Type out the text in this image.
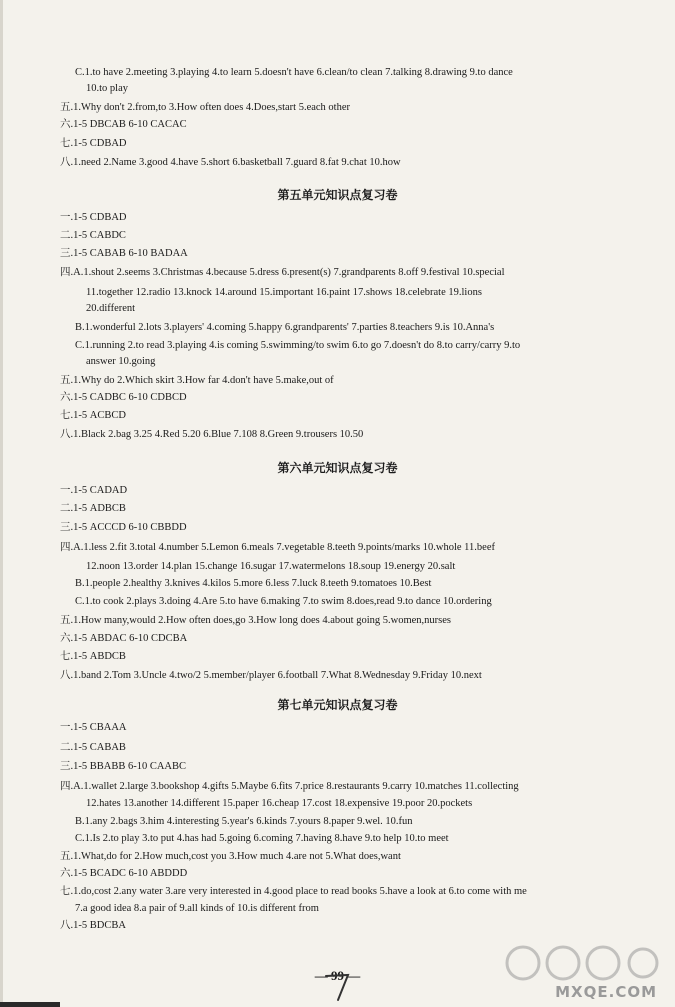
C.1.to have 2.meeting 3.playing 4.to learn 5.doesn't have 6.clean/to clean 7.talking 8.drawing 9.to dance
10.to play
五.1.Why don't 2.from,to 3.How often does 4.Does,start 5.each other
六.1-5 DBCAB 6-10 CACAC
七.1-5 CDBAD
八.1.need 2.Name 3.good 4.have 5.short 6.basketball 7.guard 8.fat 9.chat 10.how
第五单元知识点复习卷
一.1-5 CDBAD
二.1-5 CABDC
三.1-5 CABAB 6-10 BADAA
四.A.1.shout 2.seems 3.Christmas 4.because 5.dress 6.present(s) 7.grandparents 8.off 9.festival 10.special
11.together 12.radio 13.knock 14.around 15.important 16.paint 17.shows 18.celebrate 19.lions
20.different
B.1.wonderful 2.lots 3.players' 4.coming 5.happy 6.grandparents' 7.parties 8.teachers 9.is 10.Anna's
C.1.running 2.to read 3.playing 4.is coming 5.swimming/to swim 6.to go 7.doesn't do 8.to carry/carry 9.to
answer 10.going
五.1.Why do 2.Which skirt 3.How far 4.don't have 5.make,out of
六.1-5 CADBC 6-10 CDBCD
七.1-5 ACBCD
八.1.Black 2.bag 3.25 4.Red 5.20 6.Blue 7.108 8.Green 9.trousers 10.50
第六单元知识点复习卷
一.1-5 CADAD
二.1-5 ADBCB
三.1-5 ACCCD 6-10 CBBDD
四.A.1.less 2.fit 3.total 4.number 5.Lemon 6.meals 7.vegetable 8.teeth 9.points/marks 10.whole 11.beef
12.noon 13.order 14.plan 15.change 16.sugar 17.watermelons 18.soup 19.energy 20.salt
B.1.people 2.healthy 3.knives 4.kilos 5.more 6.less 7.luck 8.teeth 9.tomatoes 10.Best
C.1.to cook 2.plays 3.doing 4.Are 5.to have 6.making 7.to swim 8.does,read 9.to dance 10.ordering
五.1.How many,would 2.How often does,go 3.How long does 4.about going 5.women,nurses
六.1-5 ABDAC 6-10 CDCBA
七.1-5 ABDCB
八.1.band 2.Tom 3.Uncle 4.two/2 5.member/player 6.football 7.What 8.Wednesday 9.Friday 10.next
第七单元知识点复习卷
一.1-5 CBAAA
二.1-5 CABAB
三.1-5 BBABB 6-10 CAABC
四.A.1.wallet 2.large 3.bookshop 4.gifts 5.Maybe 6.fits 7.price 8.restaurants 9.carry 10.matches 11.collecting
12.hates 13.another 14.different 15.paper 16.cheap 17.cost 18.expensive 19.poor 20.pockets
B.1.any 2.bags 3.him 4.interesting 5.year's 6.kinds 7.yours 8.paper 9.wel. 10.fun
C.1.Is 2.to play 3.to put 4.has had 5.going 6.coming 7.having 8.have 9.to help 10.to meet
五.1.What,do for 2.How much,cost you 3.How much 4.are not 5.What does,want
六.1-5 BCADC 6-10 ABDDD
七.1.do,cost 2.any water 3.are very interested in 4.good place to read books 5.have a look at 6.to come with me
7.a good idea 8.a pair of 9.all kinds of 10.is different from
八.1-5 BDCBA
— 99 —
MXQE.COM
